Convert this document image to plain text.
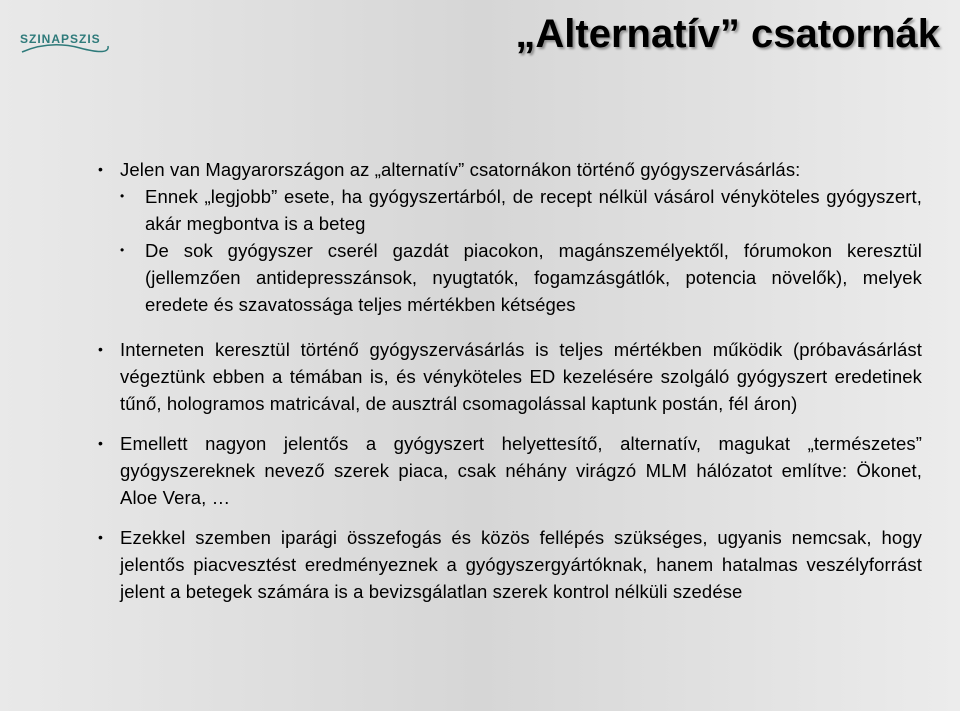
SZINAPSZIS	„Alternatív” csatornák
• Jelen van Magyarországon az „alternatív” csatornákon történő gyógyszervásárlás:
• Ennek „legjobb” esete, ha gyógyszertárból, de recept nélkül vásárol vényköteles gyógyszert, akár megbontva is a beteg
• De sok gyógyszer cserél gazdát piacokon, magánszemélyektől, fórumokon keresztül (jellemzően antidepresszánsok, nyugtatók, fogamzásgátlók, potencia növelők), melyek eredete és szavatossága teljes mértékben kétséges
• Interneten keresztül történő gyógyszervásárlás is teljes mértékben működik (próbavásárlást végeztünk ebben a témában is, és vényköteles ED kezelésére szolgáló gyógyszert eredetinek tűnő, hologramos matricával, de ausztrál csomagolással kaptunk postán, fél áron)
• Emellett nagyon jelentős a gyógyszert helyettesítő, alternatív, magukat „természetes” gyógyszereknek nevező szerek piaca, csak néhány virágzó MLM hálózatot említve: Ökonet, Aloe Vera, …
• Ezekkel szemben iparági összefogás és közös fellépés szükséges, ugyanis nemcsak, hogy jelentős piacvesztést eredményeznek a gyógyszergyártóknak, hanem hatalmas veszélyforrást jelent a betegek számára is a bevizsgálatlan szerek kontrol nélküli szedése
